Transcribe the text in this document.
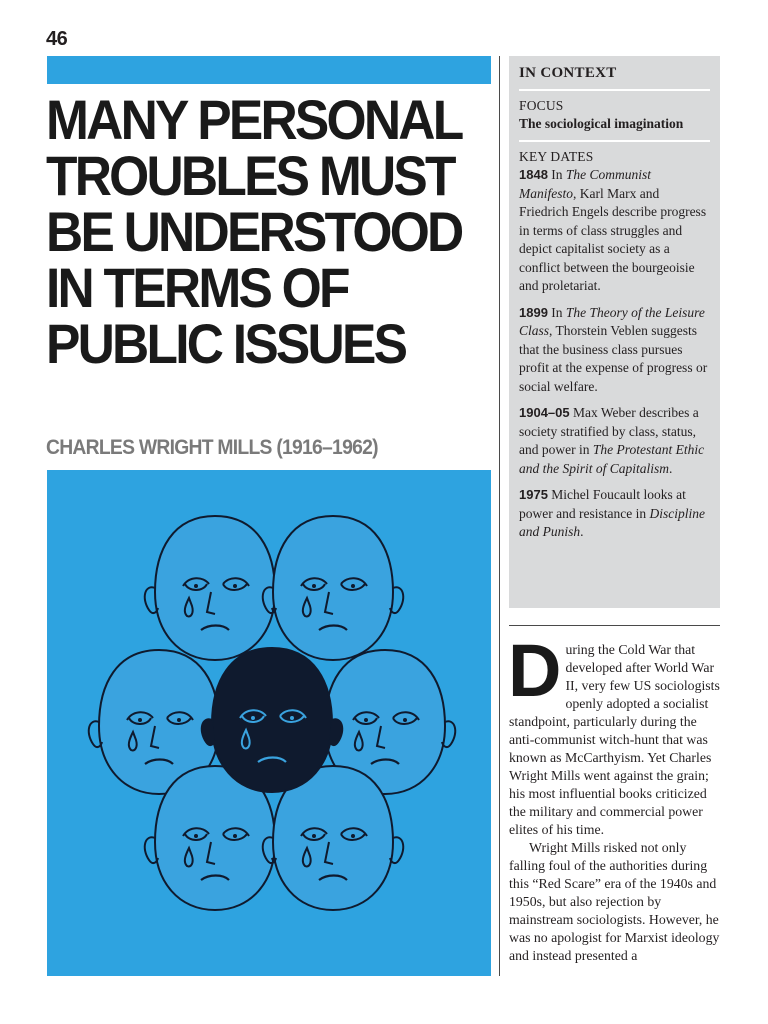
46
MANY PERSONAL
TROUBLES MUST
BE UNDERSTOOD
IN TERMS OF
PUBLIC ISSUES
CHARLES WRIGHT MILLS (1916–1962)
IN CONTEXT
FOCUS
The sociological imagination
KEY DATES
1848 In The Communist Manifesto, Karl Marx and Friedrich Engels describe progress in terms of class struggles and depict capitalist society as a conflict between the bourgeoisie and proletariat.
1899 In The Theory of the Leisure Class, Thorstein Veblen suggests that the business class pursues profit at the expense of progress or social welfare.
1904–05 Max Weber describes a society stratified by class, status, and power in The Protestant Ethic and the Spirit of Capitalism.
1975 Michel Foucault looks at power and resistance in Discipline and Punish.

During the Cold War that developed after World War II, very few US sociologists openly adopted a socialist standpoint, particularly during the anti-communist witch-hunt that was known as McCarthyism. Yet Charles Wright Mills went against the grain; his most influential books criticized the military and commercial power elites of his time.

Wright Mills risked not only falling foul of the authorities during this “Red Scare” era of the 1940s and 1950s, but also rejection by mainstream sociologists. However, he was no apologist for Marxist ideology and instead presented a
